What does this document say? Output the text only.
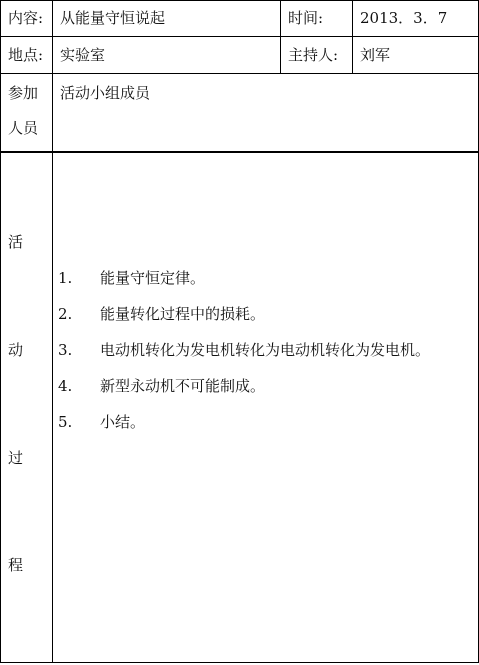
内容: 从能量守恒说起	时间: 2013．3．7
地点: 实验室	主持人: 刘军
参加
人员
活动小组成员
活
动
过
程
1. 能量守恒定律。
2. 能量转化过程中的损耗。
3. 电动机转化为发电机转化为电动机转化为发电机。
4. 新型永动机不可能制成。
5. 小结。
